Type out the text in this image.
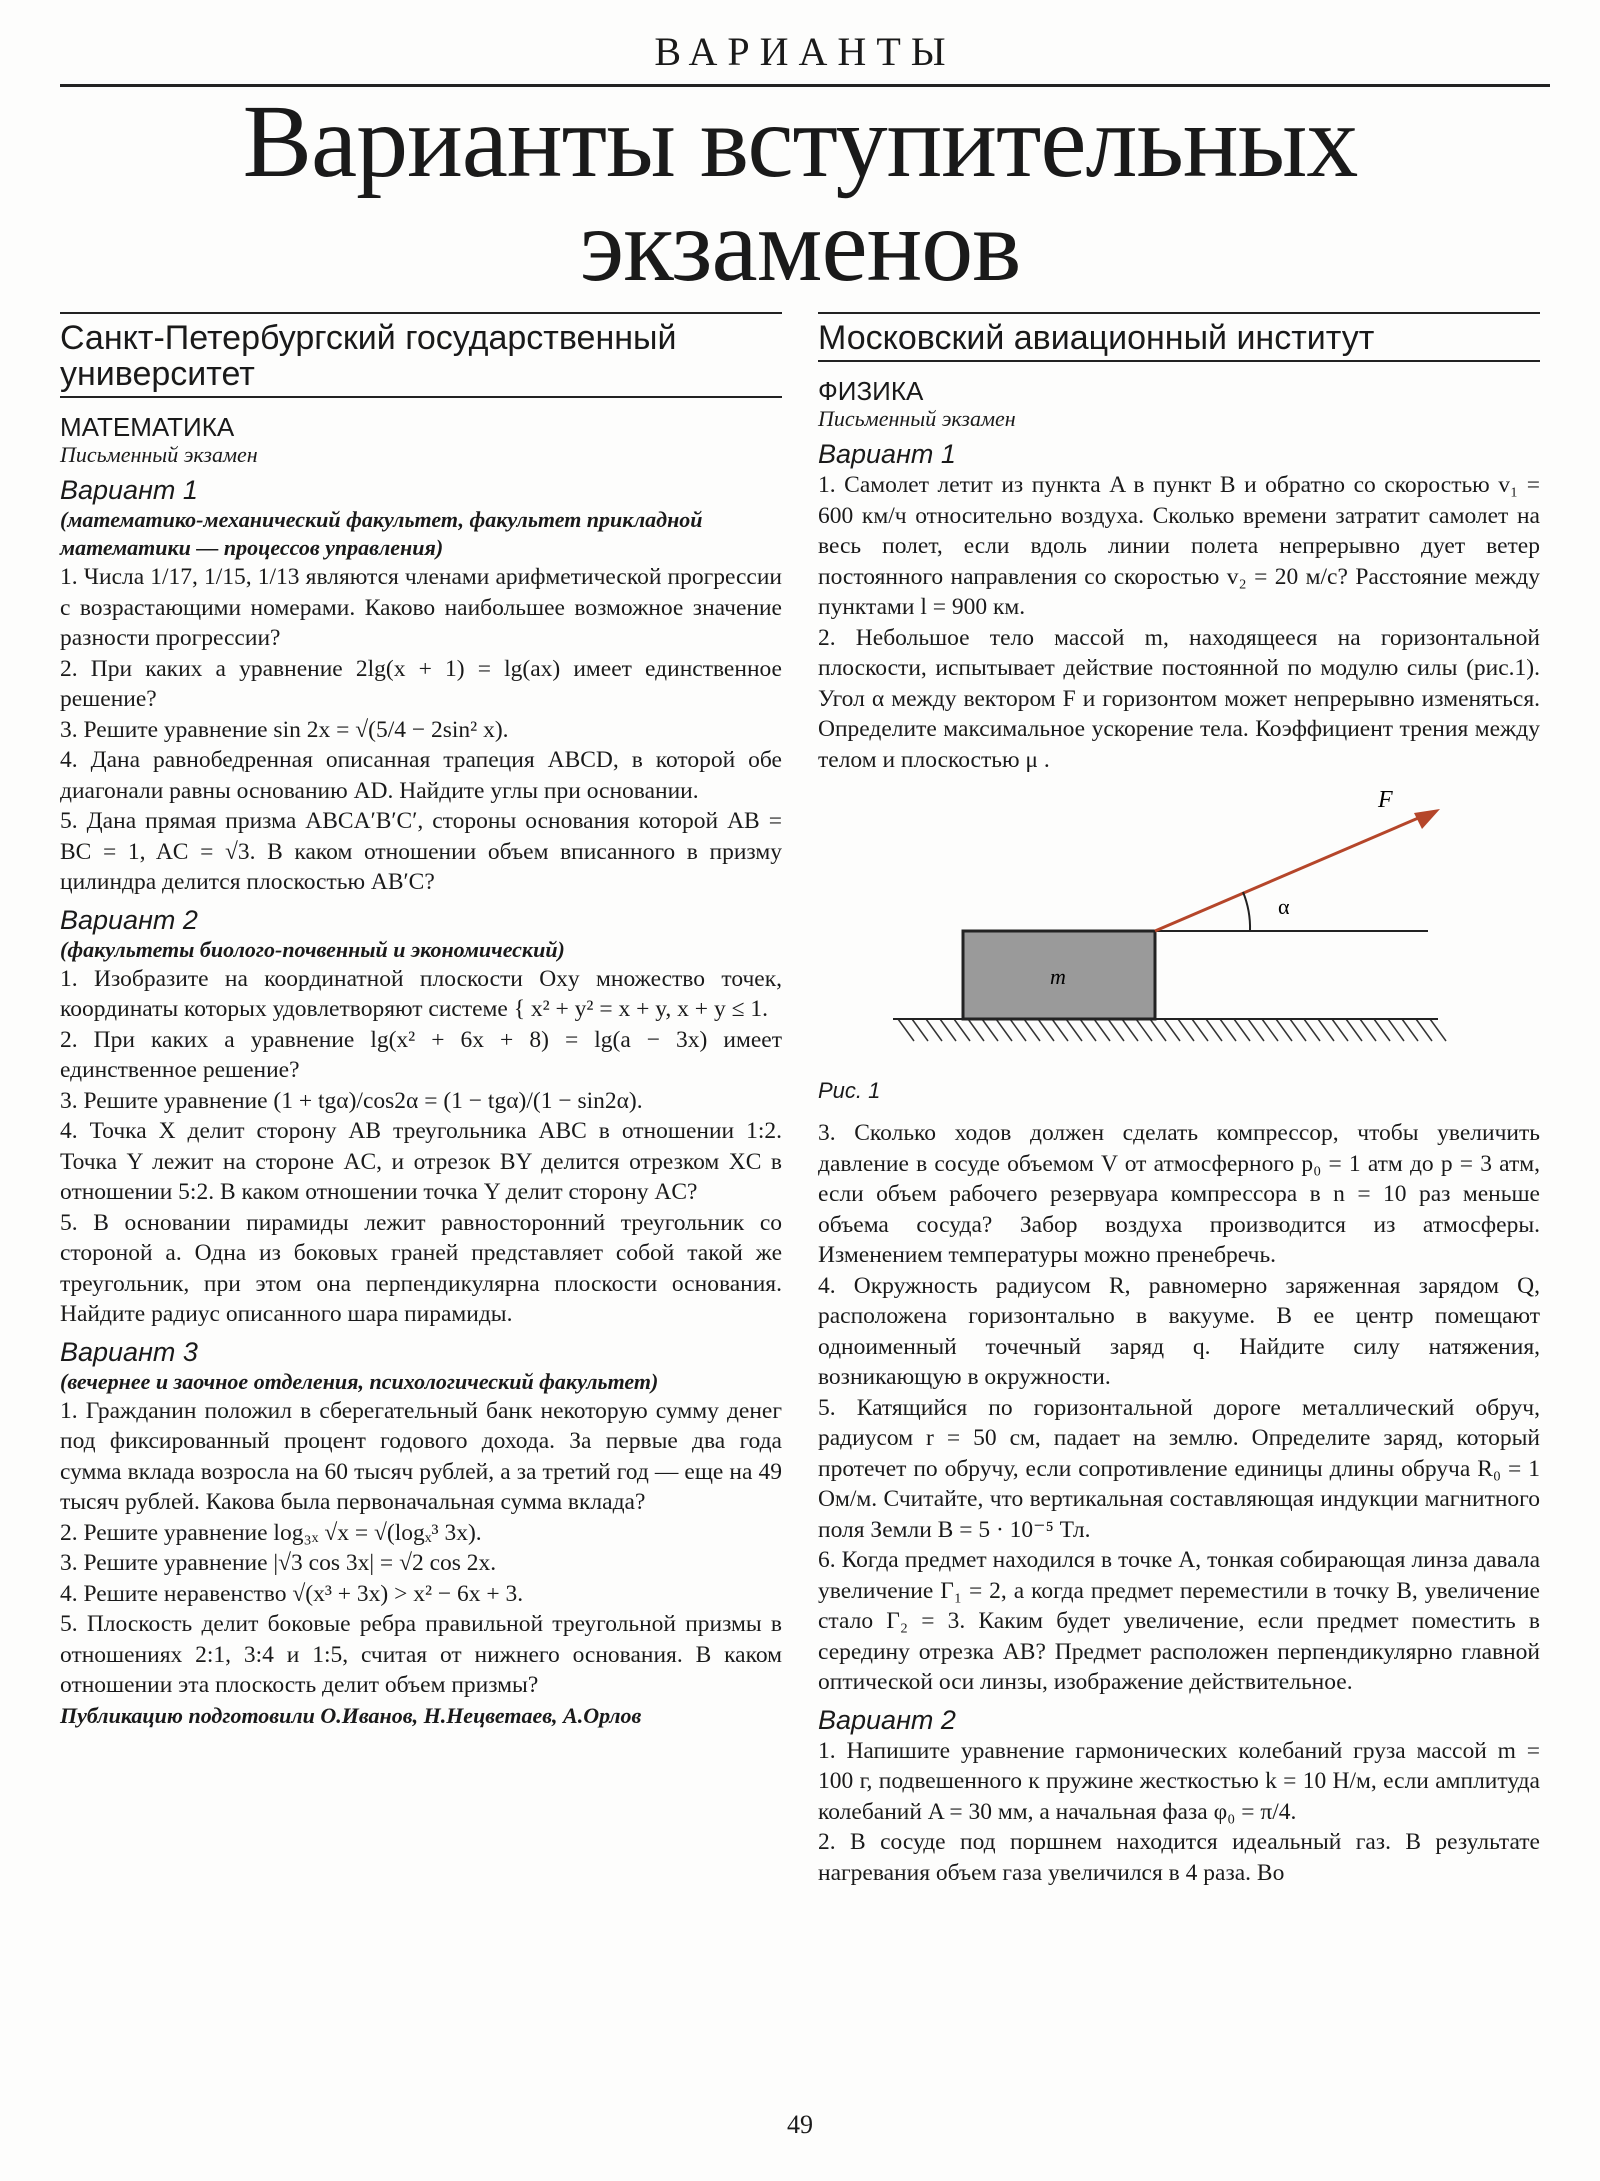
ВАРИАНТЫ
Варианты вступительных
экзаменов
Санкт-Петербургский государственный университет
МАТЕМАТИКА
Письменный экзамен
Вариант 1
(математико-механический факультет, факультет прикладной математики — процессов управления)

1. Числа 1/17, 1/15, 1/13 являются членами арифметической прогрессии с возрастающими номерами. Каково наибольшее возможное значение разности прогрессии?

2. При каких a уравнение 2lg(x + 1) = lg(ax) имеет единственное решение?

3. Решите уравнение sin 2x = √(5/4 − 2sin² x).

4. Дана равнобедренная описанная трапеция ABCD, в которой обе диагонали равны основанию AD. Найдите углы при основании.

5. Дана прямая призма ABCA′B′C′, стороны основания которой AB = BC = 1, AC = √3. В каком отношении объем вписанного в призму цилиндра делится плоскостью AB′C?

Вариант 2
(факультеты биолого-почвенный и экономический)

1. Изобразите на координатной плоскости Oxy множество точек, координаты которых удовлетворяют системе { x² + y² = x + y, x + y ≤ 1.

2. При каких a уравнение lg(x² + 6x + 8) = lg(a − 3x) имеет единственное решение?

3. Решите уравнение (1 + tgα)/cos2α = (1 − tgα)/(1 − sin2α).

4. Точка X делит сторону AB треугольника ABC в отношении 1:2. Точка Y лежит на стороне AC, и отрезок BY делится отрезком XC в отношении 5:2. В каком отношении точка Y делит сторону AC?

5. В основании пирамиды лежит равносторонний треугольник со стороной a. Одна из боковых граней представляет собой такой же треугольник, при этом она перпендикулярна плоскости основания. Найдите радиус описанного шара пирамиды.

Вариант 3
(вечернее и заочное отделения, психологический факультет)

1. Гражданин положил в сберегательный банк некоторую сумму денег под фиксированный процент годового дохода. За первые два года сумма вклада возросла на 60 тысяч рублей, а за третий год — еще на 49 тысяч рублей. Какова была первоначальная сумма вклада?

2. Решите уравнение log₃ₓ √x = √(logₓ³ 3x).

3. Решите уравнение |√3 cos 3x| = √2 cos 2x.

4. Решите неравенство √(x³ + 3x) > x² − 6x + 3.

5. Плоскость делит боковые ребра правильной треугольной призмы в отношениях 2:1, 3:4 и 1:5, считая от нижнего основания. В каком отношении эта плоскость делит объем призмы?

Публикацию подготовили О.Иванов, Н.Нецветаев, А.Орлов

Московский авиационный институт
ФИЗИКА
Письменный экзамен
Вариант 1

1. Самолет летит из пункта A в пункт B и обратно со скоростью v₁ = 600 км/ч относительно воздуха. Сколько времени затратит самолет на весь полет, если вдоль линии полета непрерывно дует ветер постоянного направления со скоростью v₂ = 20 м/с? Расстояние между пунктами l = 900 км.

2. Небольшое тело массой m, находящееся на горизонтальной плоскости, испытывает действие постоянной по модулю силы (рис.1). Угол α между вектором F и горизонтом может непрерывно изменяться. Определите максимальное ускорение тела. Коэффициент трения между телом и плоскостью μ .

m
F
α
Рис. 1

3. Сколько ходов должен сделать компрессор, чтобы увеличить давление в сосуде объемом V от атмосферного p₀ = 1 атм до p = 3 атм, если объем рабочего резервуара компрессора в n = 10 раз меньше объема сосуда? Забор воздуха производится из атмосферы. Изменением температуры можно пренебречь.

4. Окружность радиусом R, равномерно заряженная зарядом Q, расположена горизонтально в вакууме. В ее центр помещают одноименный точечный заряд q. Найдите силу натяжения, возникающую в окружности.

5. Катящийся по горизонтальной дороге металлический обруч, радиусом r = 50 см, падает на землю. Определите заряд, который протечет по обручу, если сопротивление единицы длины обруча R₀ = 1 Ом/м. Считайте, что вертикальная составляющая индукции магнитного поля Земли B = 5 · 10⁻⁵ Тл.

6. Когда предмет находился в точке A, тонкая собирающая линза давала увеличение Γ₁ = 2, а когда предмет переместили в точку B, увеличение стало Γ₂ = 3. Каким будет увеличение, если предмет поместить в середину отрезка AB? Предмет расположен перпендикулярно главной оптической оси линзы, изображение действительное.

Вариант 2

1. Напишите уравнение гармонических колебаний груза массой m = 100 г, подвешенного к пружине жесткостью k = 10 Н/м, если амплитуда колебаний A = 30 мм, а начальная фаза φ₀ = π/4.

2. В сосуде под поршнем находится идеальный газ. В результате нагревания объем газа увеличился в 4 раза. Во

49
